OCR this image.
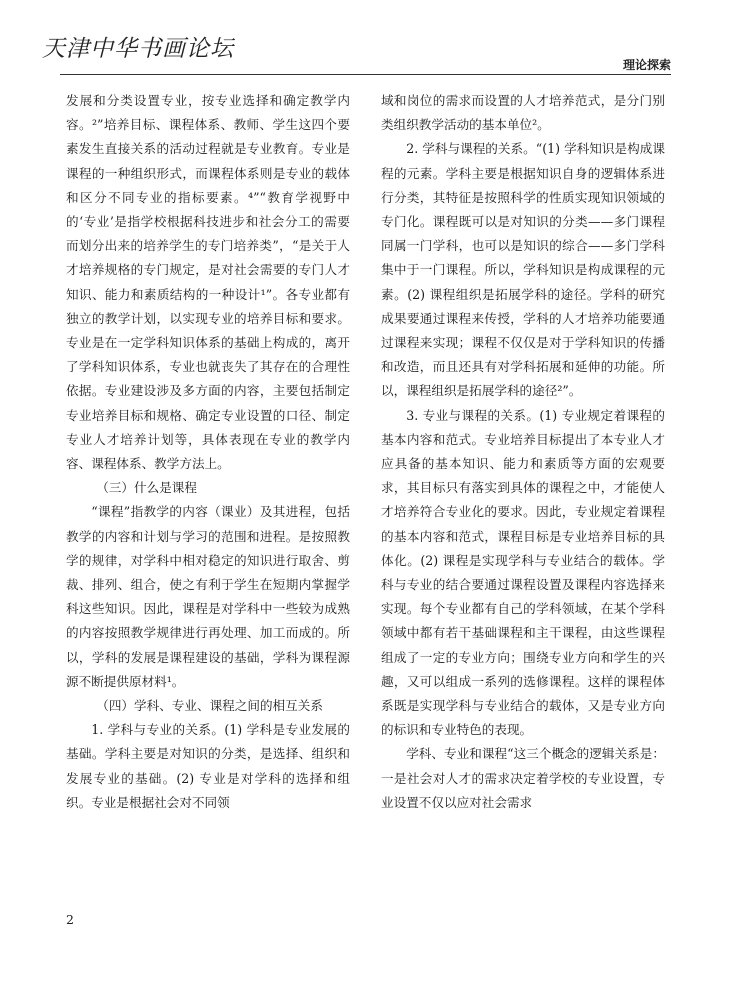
天津中华书画论坛
理论探索

发展和分类设置专业，按专业选择和确定教学内容。²”培养目标、课程体系、教师、学生这四个要素发生直接关系的活动过程就是专业教育。专业是课程的一种组织形式，而课程体系则是专业的载体和区分不同专业的指标要素。⁴”“教育学视野中的‘专业’是指学校根据科技进步和社会分工的需要而划分出来的培养学生的专门培养类”，“是关于人才培养规格的专门规定，是对社会需要的专门人才知识、能力和素质结构的一种设计¹”。各专业都有独立的教学计划，以实现专业的培养目标和要求。专业是在一定学科知识体系的基础上构成的，离开了学科知识体系，专业也就丧失了其存在的合理性依据。专业建设涉及多方面的内容，主要包括制定专业培养目标和规格、确定专业设置的口径、制定专业人才培养计划等，具体表现在专业的教学内容、课程体系、教学方法上。

（三）什么是课程

“课程”指教学的内容（课业）及其进程，包括教学的内容和计划与学习的范围和进程。是按照教学的规律，对学科中相对稳定的知识进行取舍、剪裁、排列、组合，使之有利于学生在短期内掌握学科这些知识。因此，课程是对学科中一些较为成熟的内容按照教学规律进行再处理、加工而成的。所以，学科的发展是课程建设的基础，学科为课程源源不断提供原材料¹。

（四）学科、专业、课程之间的相互关系

1. 学科与专业的关系。(1) 学科是专业发展的基础。学科主要是对知识的分类，是选择、组织和发展专业的基础。(2) 专业是对学科的选择和组织。专业是根据社会对不同领

域和岗位的需求而设置的人才培养范式，是分门别类组织教学活动的基本单位²。

2. 学科与课程的关系。“(1) 学科知识是构成课程的元素。学科主要是根据知识自身的逻辑体系进行分类，其特征是按照科学的性质实现知识领域的专门化。课程既可以是对知识的分类——多门课程同属一门学科，也可以是知识的综合——多门学科集中于一门课程。所以，学科知识是构成课程的元素。(2) 课程组织是拓展学科的途径。学科的研究成果要通过课程来传授，学科的人才培养功能要通过课程来实现；课程不仅仅是对于学科知识的传播和改造，而且还具有对学科拓展和延伸的功能。所以，课程组织是拓展学科的途径²”。

3. 专业与课程的关系。(1) 专业规定着课程的基本内容和范式。专业培养目标提出了本专业人才应具备的基本知识、能力和素质等方面的宏观要求，其目标只有落实到具体的课程之中，才能使人才培养符合专业化的要求。因此，专业规定着课程的基本内容和范式，课程目标是专业培养目标的具体化。(2) 课程是实现学科与专业结合的载体。学科与专业的结合要通过课程设置及课程内容选择来实现。每个专业都有自己的学科领域，在某个学科领域中都有若干基础课程和主干课程，由这些课程组成了一定的专业方向；围绕专业方向和学生的兴趣，又可以组成一系列的选修课程。这样的课程体系既是实现学科与专业结合的载体，又是专业方向的标识和专业特色的表现。

学科、专业和课程“这三个概念的逻辑关系是：一是社会对人才的需求决定着学校的专业设置，专业设置不仅以应对社会需求

2
